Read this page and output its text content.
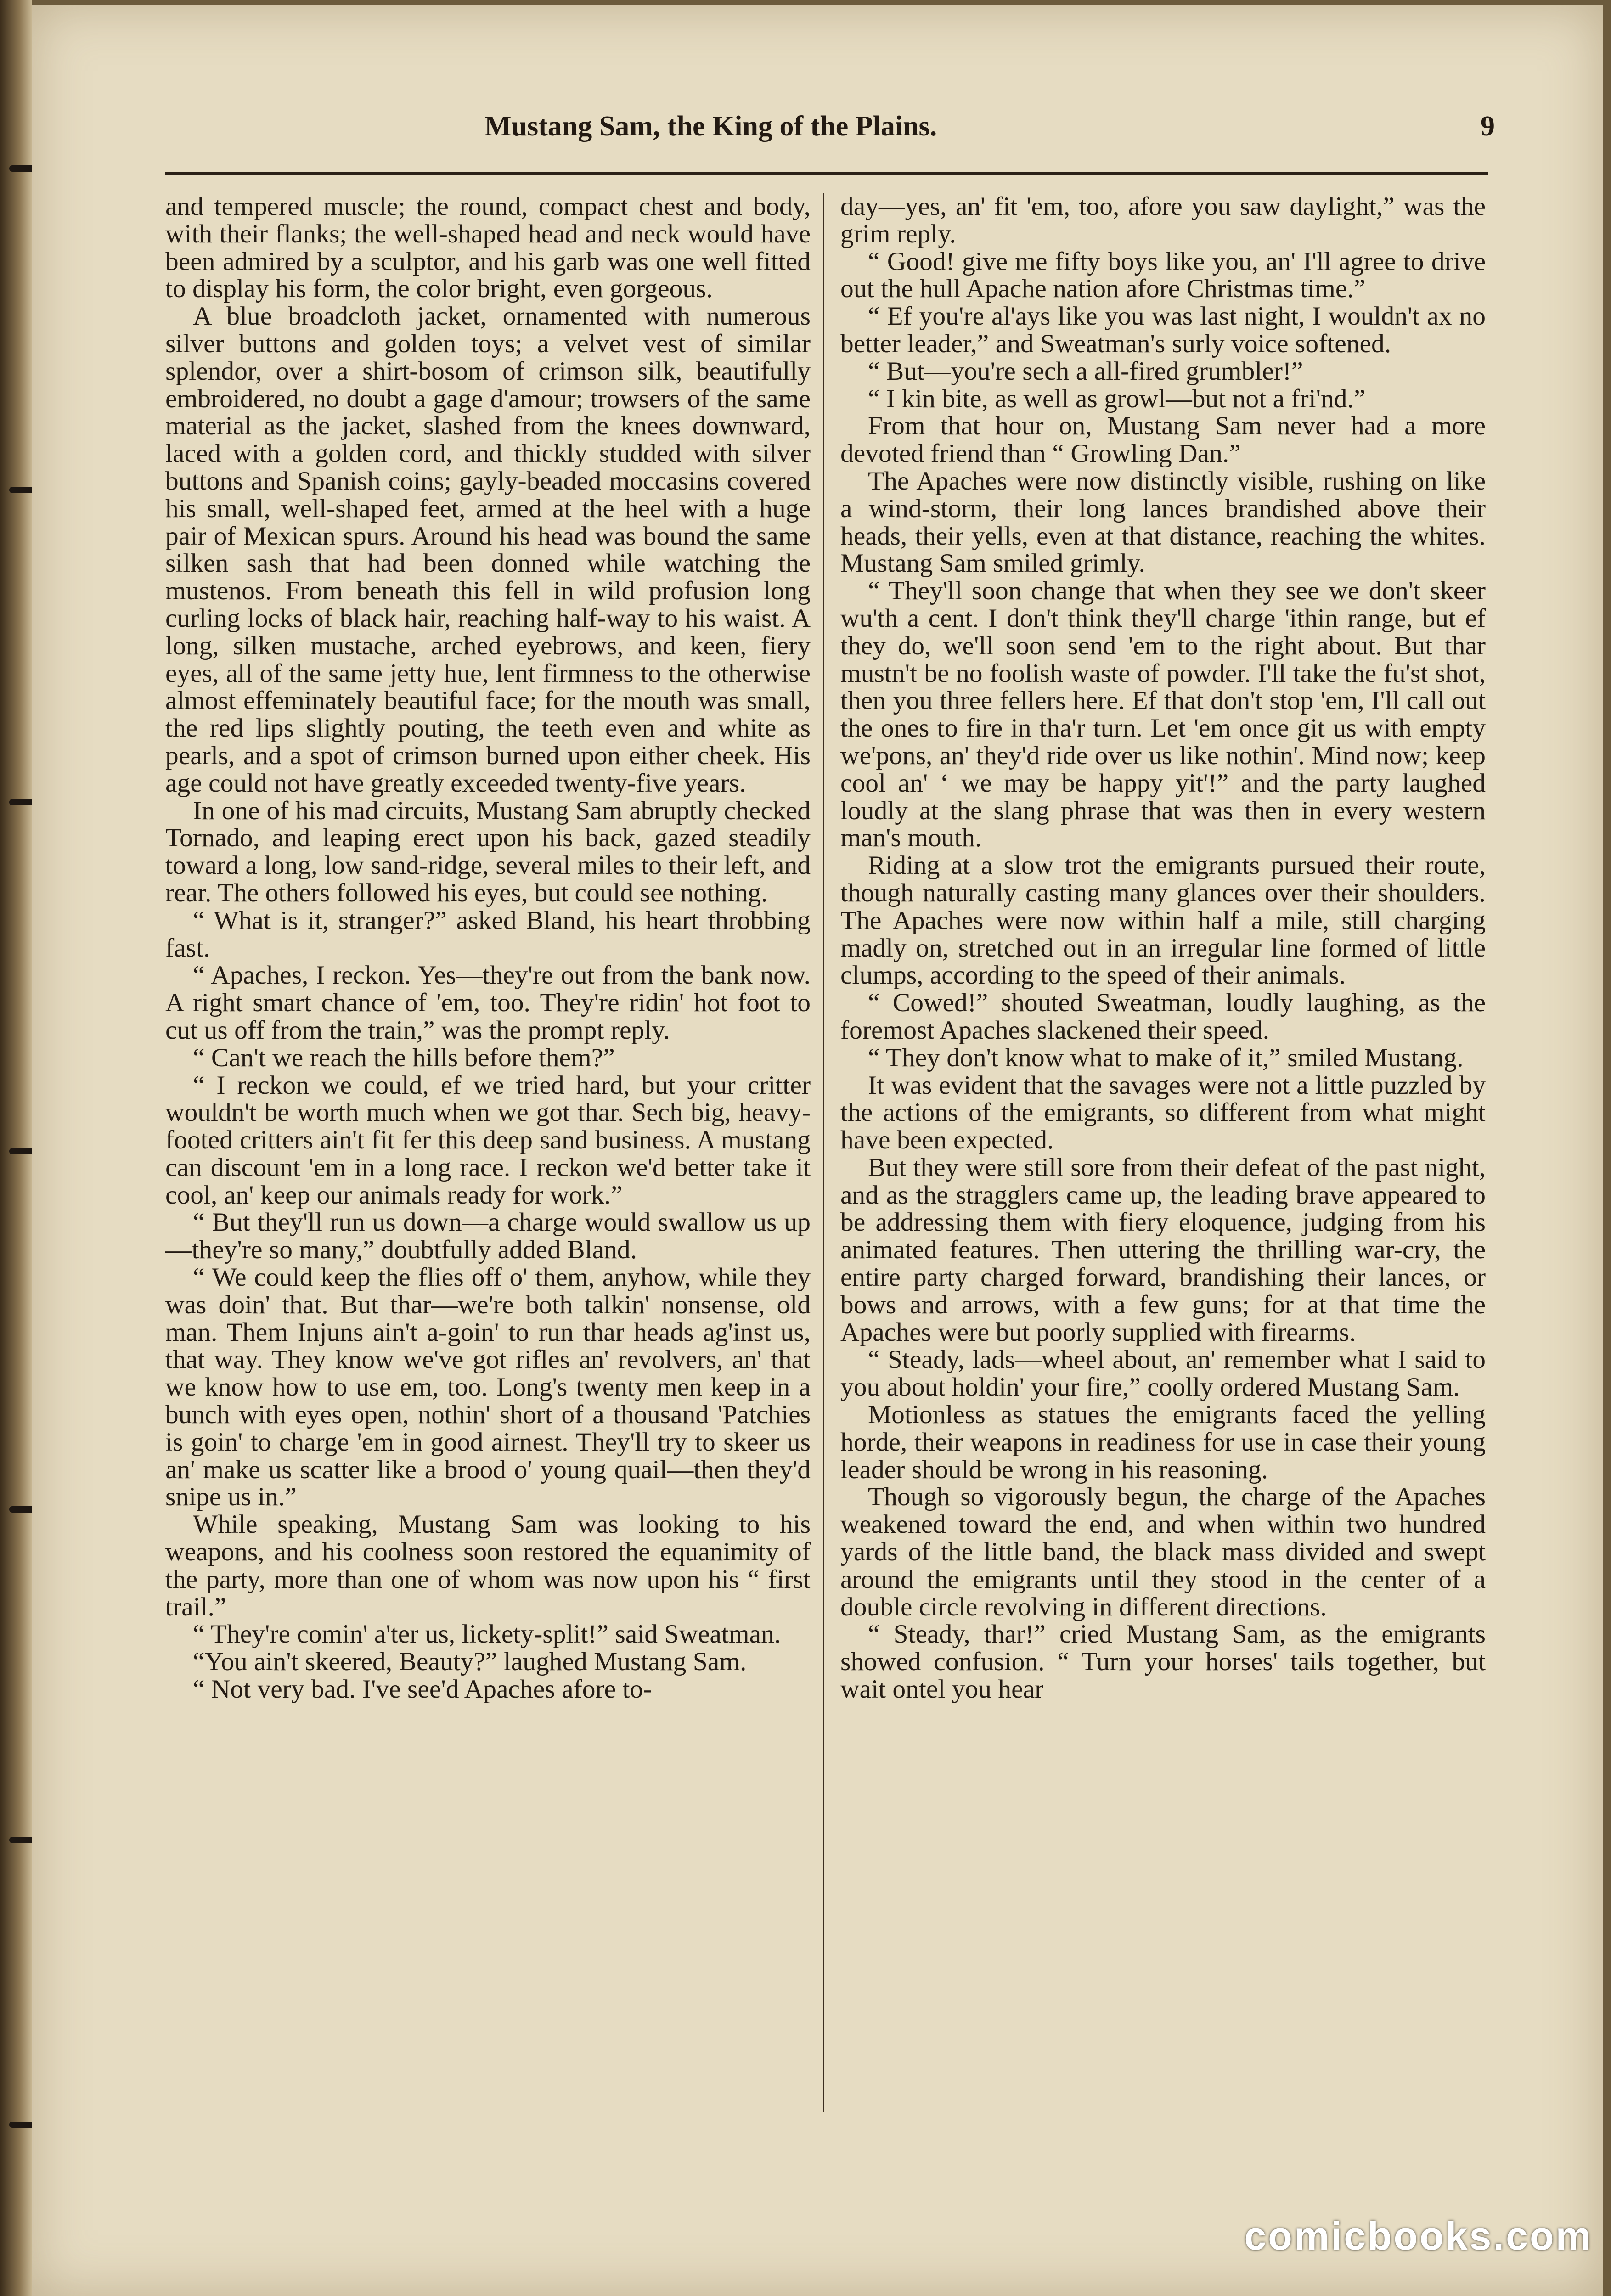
Mustang Sam, the King of the Plains.	9

and tempered muscle; the round, compact chest and body, with their flanks; the well-shaped head and neck would have been admired by a sculptor, and his garb was one well fitted to display his form, the color bright, even gorgeous.

A blue broadcloth jacket, ornamented with numerous silver buttons and golden toys; a velvet vest of similar splendor, over a shirt-bosom of crimson silk, beautifully embroidered, no doubt a gage d'amour; trowsers of the same material as the jacket, slashed from the knees downward, laced with a golden cord, and thickly studded with silver buttons and Spanish coins; gayly-beaded moccasins covered his small, well-shaped feet, armed at the heel with a huge pair of Mexican spurs. Around his head was bound the same silken sash that had been donned while watching the mustenos. From beneath this fell in wild profusion long curling locks of black hair, reaching half-way to his waist. A long, silken mustache, arched eyebrows, and keen, fiery eyes, all of the same jetty hue, lent firmness to the otherwise almost effeminately beautiful face; for the mouth was small, the red lips slightly pouting, the teeth even and white as pearls, and a spot of crimson burned upon either cheek. His age could not have greatly exceeded twenty-five years.

In one of his mad circuits, Mustang Sam abruptly checked Tornado, and leaping erect upon his back, gazed steadily toward a long, low sand-ridge, several miles to their left, and rear. The others followed his eyes, but could see nothing.

“ What is it, stranger?” asked Bland, his heart throbbing fast.

“ Apaches, I reckon. Yes—they're out from the bank now. A right smart chance of 'em, too. They're ridin' hot foot to cut us off from the train,” was the prompt reply.

“ Can't we reach the hills before them?”

“ I reckon we could, ef we tried hard, but your critter wouldn't be worth much when we got thar. Sech big, heavy-footed critters ain't fit fer this deep sand business. A mustang can discount 'em in a long race. I reckon we'd better take it cool, an' keep our animals ready for work.”

“ But they'll run us down—a charge would swallow us up—they're so many,” doubtfully added Bland.

“ We could keep the flies off o' them, anyhow, while they was doin' that. But thar—we're both talkin' nonsense, old man. Them Injuns ain't a-goin' to run thar heads ag'inst us, that way. They know we've got rifles an' revolvers, an' that we know how to use em, too. Long's twenty men keep in a bunch with eyes open, nothin' short of a thousand 'Patchies is goin' to charge 'em in good airnest. They'll try to skeer us an' make us scatter like a brood o' young quail—then they'd snipe us in.”

While speaking, Mustang Sam was looking to his weapons, and his coolness soon restored the equanimity of the party, more than one of whom was now upon his “ first trail.”

“ They're comin' a'ter us, lickety-split!” said Sweatman.

“You ain't skeered, Beauty?” laughed Mustang Sam.

“ Not very bad. I've see'd Apaches afore to-

day—yes, an' fit 'em, too, afore you saw daylight,” was the grim reply.

“ Good! give me fifty boys like you, an' I'll agree to drive out the hull Apache nation afore Christmas time.”

“ Ef you're al'ays like you was last night, I wouldn't ax no better leader,” and Sweatman's surly voice softened.

“ But—you're sech a all-fired grumbler!”

“ I kin bite, as well as growl—but not a fri'nd.”

From that hour on, Mustang Sam never had a more devoted friend than “ Growling Dan.”

The Apaches were now distinctly visible, rushing on like a wind-storm, their long lances brandished above their heads, their yells, even at that distance, reaching the whites. Mustang Sam smiled grimly.

“ They'll soon change that when they see we don't skeer wu'th a cent. I don't think they'll charge 'ithin range, but ef they do, we'll soon send 'em to the right about. But thar mustn't be no foolish waste of powder. I'll take the fu'st shot, then you three fellers here. Ef that don't stop 'em, I'll call out the ones to fire in tha'r turn. Let 'em once git us with empty we'pons, an' they'd ride over us like nothin'. Mind now; keep cool an' ‘ we may be happy yit'!” and the party laughed loudly at the slang phrase that was then in every western man's mouth.

Riding at a slow trot the emigrants pursued their route, though naturally casting many glances over their shoulders. The Apaches were now within half a mile, still charging madly on, stretched out in an irregular line formed of little clumps, according to the speed of their animals.

“ Cowed!” shouted Sweatman, loudly laughing, as the foremost Apaches slackened their speed.

“ They don't know what to make of it,” smiled Mustang.

It was evident that the savages were not a little puzzled by the actions of the emigrants, so different from what might have been expected.

But they were still sore from their defeat of the past night, and as the stragglers came up, the leading brave appeared to be addressing them with fiery eloquence, judging from his animated features. Then uttering the thrilling war-cry, the entire party charged forward, brandishing their lances, or bows and arrows, with a few guns; for at that time the Apaches were but poorly supplied with firearms.

“ Steady, lads—wheel about, an' remember what I said to you about holdin' your fire,” coolly ordered Mustang Sam.

Motionless as statues the emigrants faced the yelling horde, their weapons in readiness for use in case their young leader should be wrong in his reasoning.

Though so vigorously begun, the charge of the Apaches weakened toward the end, and when within two hundred yards of the little band, the black mass divided and swept around the emigrants until they stood in the center of a double circle revolving in different directions.

“ Steady, thar!” cried Mustang Sam, as the emigrants showed confusion. “ Turn your horses' tails together, but wait ontel you hear

comicbooks.com
